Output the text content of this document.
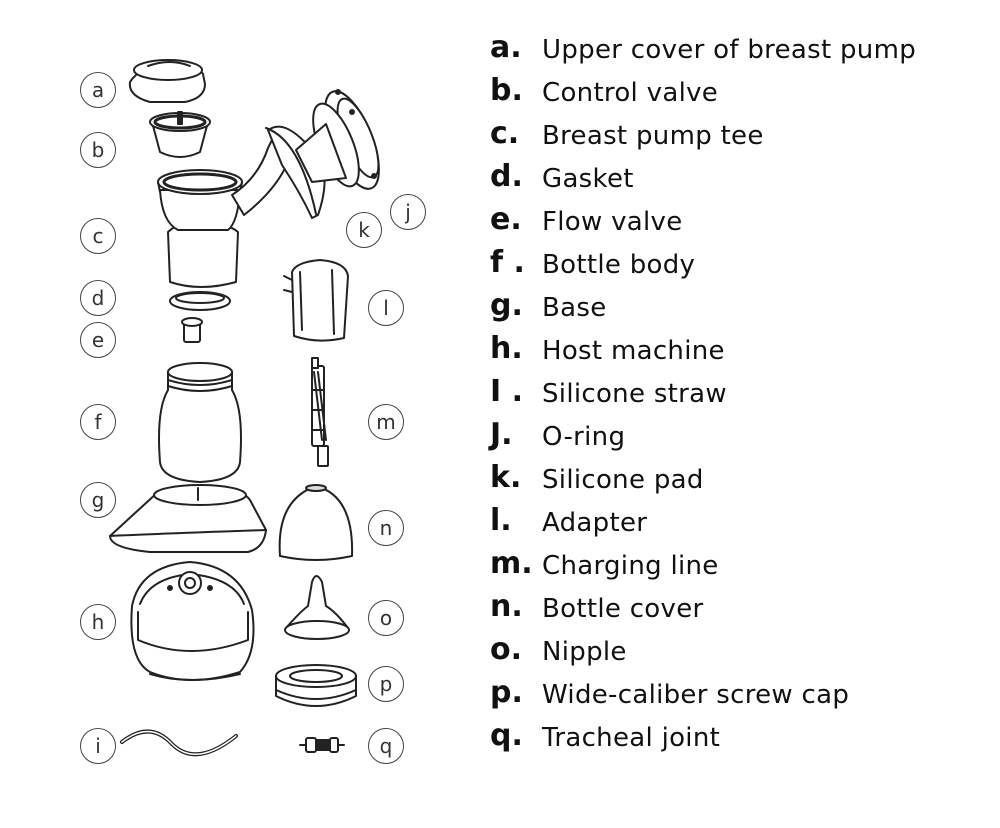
a
b
c
d
e
f
g
h
i
j
k
l
m
n
o
p
q
a. Upper cover of breast pump
b. Control valve
c. Breast pump tee
d. Gasket
e. Flow valve
f . Bottle body
g. Base
h. Host machine
I . Silicone straw
J. O-ring
k. Silicone pad
l. Adapter
m. Charging line
n. Bottle cover
o. Nipple
p. Wide-caliber screw cap
q. Tracheal joint
